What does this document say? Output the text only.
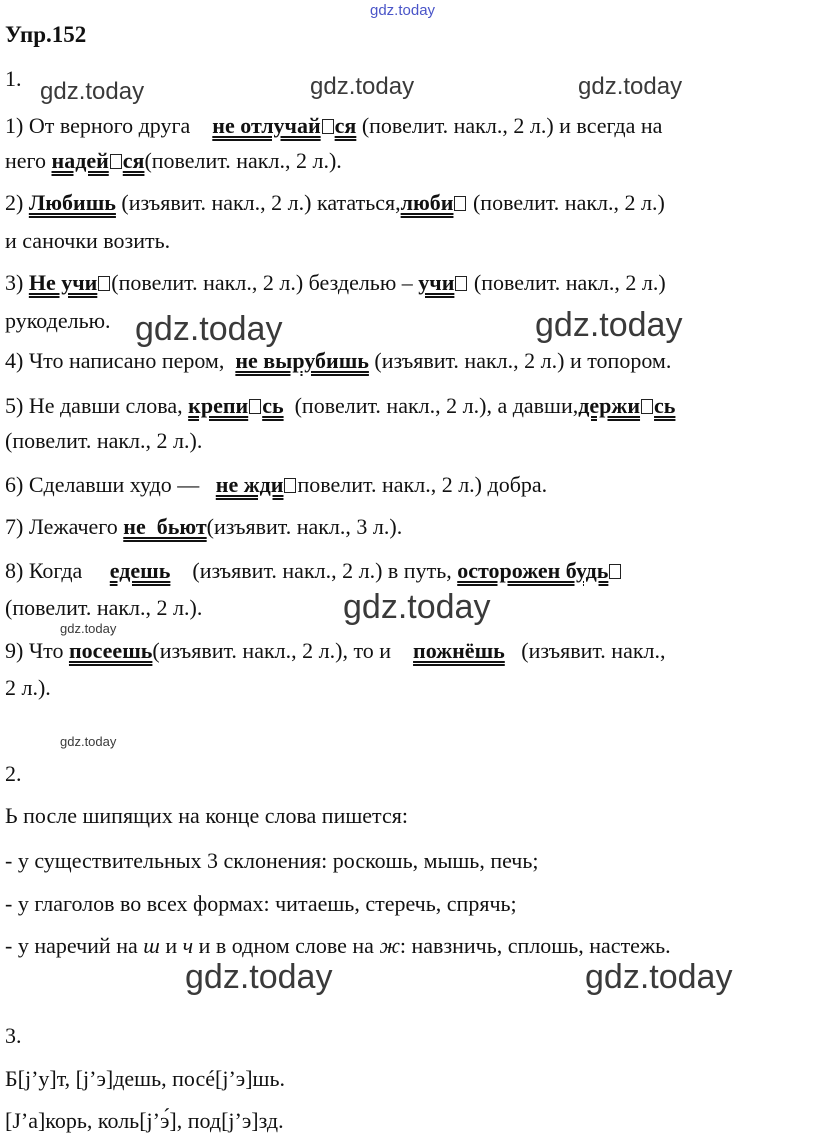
gdz.today
gdz.today	gdz.today	gdz.today
gdz.today	gdz.today
gdz.today
gdz.today
gdz.today
gdz.today	gdz.today
Упр.152
1.
1) От верного друга не отлучай ся (повелит. накл., 2 л.) и всегда на
него надей ся(повелит. накл., 2 л.).
2) Любишь (изъявит. накл., 2 л.) кататься,люби (повелит. накл., 2 л.)
и саночки возить.
3) Не учи (повелит. накл., 2 л.) безделью – учи (повелит. накл., 2 л.)
рукоделью.
4) Что написано пером, не вырубишь (изъявит. накл., 2 л.) и топором.
5) Не давши слова, крепи сь (повелит. накл., 2 л.), а давши,держи сь
(повелит. накл., 2 л.).
6) Сделавши худо — не жди повелит. накл., 2 л.) добра.
7) Лежачего не  бьют(изъявит. накл., 3 л.).
8) Когда едешь (изъявит. накл., 2 л.) в путь, осторожен будь
(повелит. накл., 2 л.).
9) Что посеешь(изъявит. накл., 2 л.), то и пожнёшь (изъявит. накл.,
2 л.).
2.
Ь после шипящих на конце слова пишется:
- у существительных 3 склонения: роскошь, мышь, печь;
- у глаголов во всех формах: читаешь, стеречь, спрячь;
- у наречий на ш и ч и в одном слове на ж: навзничь, сплошь, настежь.
3.
Б[j’у]т, [j’э]дешь, посé[j’э]шь.
[J’а]корь, коль[j’э́], под[j’э]зд.
